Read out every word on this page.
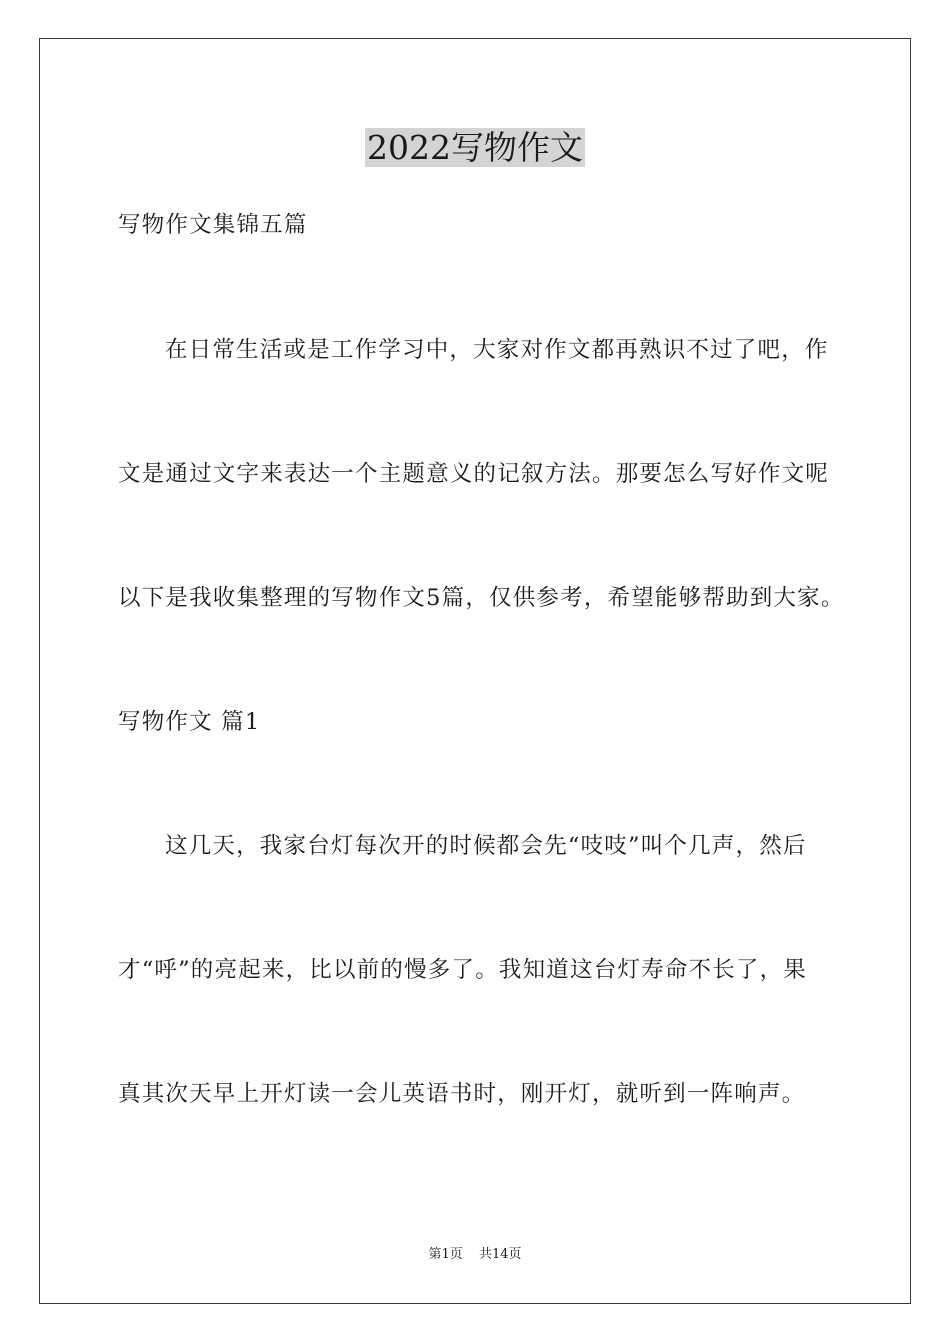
2022写物作文
写物作文集锦五篇
在日常生活或是工作学习中，大家对作文都再熟识不过了吧，作
文是通过文字来表达一个主题意义的记叙方法。那要怎么写好作文呢
以下是我收集整理的写物作文5篇，仅供参考，希望能够帮助到大家。
写物作文 篇1
这几天，我家台灯每次开的时候都会先“吱吱”叫个几声，然后
才“呼”的亮起来，比以前的慢多了。我知道这台灯寿命不长了，果
真其次天早上开灯读一会儿英语书时，刚开灯，就听到一阵响声。
第1页 共14页
